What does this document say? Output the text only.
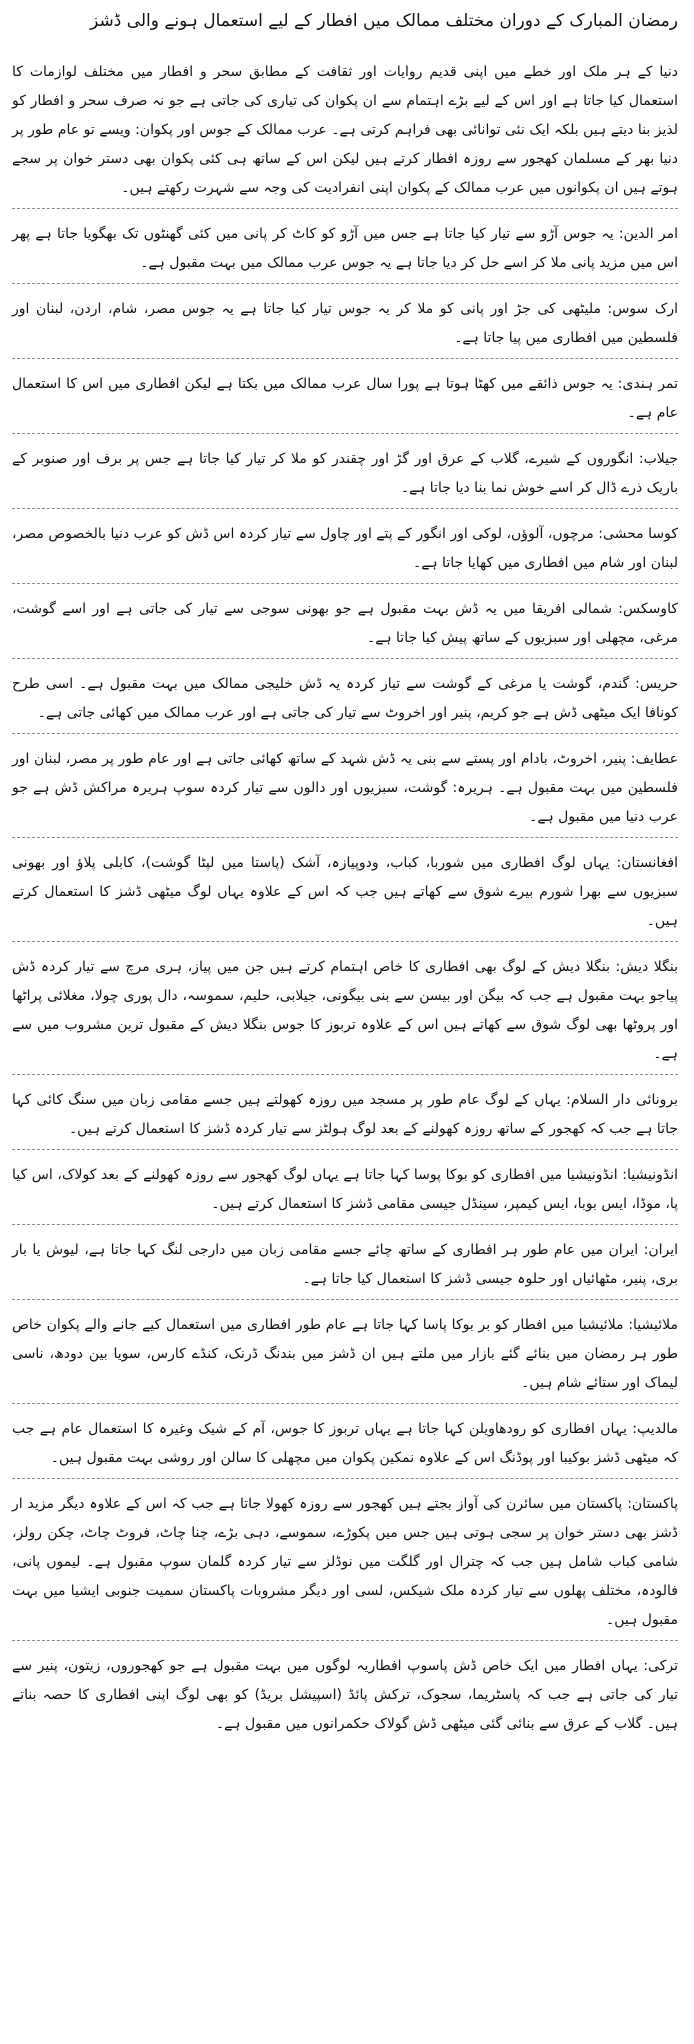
رمضان المبارک کے دوران مختلف ممالک میں افطار کے لیے استعمال ہونے والی ڈشز

دنیا کے ہر ملک اور خطے میں اپنی قدیم روایات اور ثقافت کے مطابق سحر و افطار میں مختلف لوازمات کا استعمال کیا جاتا ہے اور اس کے لیے بڑے اہتمام سے ان پکوان کی تیاری کی جاتی ہے جو نہ صرف سحر و افطار کو لذیز بنا دیتے ہیں بلکہ ایک نئی توانائی بھی فراہم کرتی ہے۔ عرب ممالک کے جوس اور پکوان: ویسے تو عام طور پر دنیا بھر کے مسلمان کھجور سے روزہ افطار کرتے ہیں لیکن اس کے ساتھ ہی کئی پکوان بھی دستر خوان پر سجے ہوتے ہیں ان پکوانوں میں عرب ممالک کے پکوان اپنی انفرادیت کی وجہ سے شہرت رکھتے ہیں۔

امر الدین: یہ جوس آڑو سے تیار کیا جاتا ہے جس میں آڑو کو کاٹ کر پانی میں کئی گھنٹوں تک بھگویا جاتا ہے پھر اس میں مزید پانی ملا کر اسے حل کر دیا جاتا ہے یہ جوس عرب ممالک میں بہت مقبول ہے۔

ارک سوس: ملیٹھی کی جڑ اور پانی کو ملا کر یہ جوس تیار کیا جاتا ہے یہ جوس مصر، شام، اردن، لبنان اور فلسطین میں افطاری میں پیا جاتا ہے۔

تمر ہندی: یہ جوس ذائقے میں کھٹا ہوتا ہے پورا سال عرب ممالک میں بکتا ہے لیکن افطاری میں اس کا استعمال عام ہے۔

جیلاب: انگوروں کے شیرے، گلاب کے عرق اور گڑ اور چقندر کو ملا کر تیار کیا جاتا ہے جس پر برف اور صنوبر کے باریک ذرے ڈال کر اسے خوش نما بنا دیا جاتا ہے۔

کوسا محشی: مرچوں، آلوؤں، لوکی اور انگور کے پتے اور چاول سے تیار کردہ اس ڈش کو عرب دنیا بالخصوص مصر، لبنان اور شام میں افطاری میں کھایا جاتا ہے۔

کاوسکس: شمالی افریقا میں یہ ڈش بہت مقبول ہے جو بھونی سوجی سے تیار کی جاتی ہے اور اسے گوشت، مرغی، مچھلی اور سبزیوں کے ساتھ پیش کیا جاتا ہے۔

حریس: گندم، گوشت یا مرغی کے گوشت سے تیار کردہ یہ ڈش خلیجی ممالک میں بہت مقبول ہے۔ اسی طرح کونافا ایک میٹھی ڈش ہے جو کریم، پنیر اور اخروٹ سے تیار کی جاتی ہے اور عرب ممالک میں کھائی جاتی ہے۔

عطایف: پنیر، اخروٹ، بادام اور پستے سے بنی یہ ڈش شہد کے ساتھ کھائی جاتی ہے اور عام طور پر مصر، لبنان اور فلسطین میں بہت مقبول ہے۔ ہریرہ: گوشت، سبزیوں اور دالوں سے تیار کردہ سوپ ہریرہ مراکش ڈش ہے جو عرب دنیا میں مقبول ہے۔

افغانستان: یہاں لوگ افطاری میں شوربا، کباب، ودوپیازہ، آشک (پاستا میں لپٹا گوشت)، کابلی پلاؤ اور بھونی سبزیوں سے بھرا شورم بیرے شوق سے کھاتے ہیں جب کہ اس کے علاوہ یہاں لوگ میٹھی ڈشز کا استعمال کرتے ہیں۔

بنگلا دیش: بنگلا دیش کے لوگ بھی افطاری کا خاص اہتمام کرتے ہیں جن میں پیاز، ہری مرچ سے تیار کردہ ڈش پیاجو بہت مقبول ہے جب کہ بیگن اور بیسن سے بنی بیگونی، جیلابی، حلیم، سموسہ، دال پوری چولا، مغلائی پراٹھا اور پروٹھا بھی لوگ شوق سے کھاتے ہیں اس کے علاوہ تربوز کا جوس بنگلا دیش کے مقبول ترین مشروب میں سے ہے۔

برونائی دار السلام: یہاں کے لوگ عام طور پر مسجد میں روزہ کھولتے ہیں جسے مقامی زبان میں سنگ کائی کہا جاتا ہے جب کہ کھجور کے ساتھ روزہ کھولنے کے بعد لوگ ہولٹز سے تیار کردہ ڈشز کا استعمال کرتے ہیں۔

انڈونیشیا: انڈونیشیا میں افطاری کو بوکا پوسا کہا جاتا ہے یہاں لوگ کھجور سے روزہ کھولنے کے بعد کولاک، اس کیا پا، موڈا، ایس بوبا، ایس کیمپر، سینڈل جیسی مقامی ڈشز کا استعمال کرتے ہیں۔

ایران: ایران میں عام طور ہر افطاری کے ساتھ چائے جسے مقامی زبان میں دارجی لنگ کہا جاتا ہے، لیوش یا بار بری، پنیر، مٹھائیاں اور حلوہ جیسی ڈشز کا استعمال کیا جاتا ہے۔

ملائیشیا: ملائیشیا میں افطار کو بر بوکا پاسا کہا جاتا ہے عام طور افطاری میں استعمال کیے جانے والے پکوان خاص طور ہر رمضان میں بنائے گئے بازار میں ملتے ہیں ان ڈشز میں بندنگ ڈرنک، کنڈے کارس، سویا بین دودھ، ناسی لیماک اور ستائے شام ہیں۔

مالدیپ: یہاں افطاری کو رودھاویلن کہا جاتا ہے یہاں تربوز کا جوس، آم کے شیک وغیرہ کا استعمال عام ہے جب کہ میٹھی ڈشز بوکیبا اور پوڈنگ اس کے علاوہ نمکین پکوان میں مچھلی کا سالن اور روشی بہت مقبول ہیں۔

پاکستان: پاکستان میں سائرن کی آواز بجتے ہیں کھجور سے روزہ کھولا جاتا ہے جب کہ اس کے علاوہ دیگر مزید ار ڈشز بھی دستر خوان پر سجی ہوتی ہیں جس میں پکوڑے، سموسے، دہی بڑے، چنا چاٹ، فروٹ چاٹ، چکن رولز، شامی کباب شامل ہیں جب کہ چترال اور گلگت میں نوڈلز سے تیار کردہ گلمان سوپ مقبول ہے۔ لیموں پانی، فالودہ، مختلف پھلوں سے تیار کردہ ملک شیکس، لسی اور دیگر مشروبات پاکستان سمیت جنوبی ایشیا میں بہت مقبول ہیں۔

ترکی: یہاں افطار میں ایک خاص ڈش پاسوپ افطاریہ لوگوں میں بہت مقبول ہے جو کھجوروں، زیتون، پنیر سے تیار کی جاتی ہے جب کہ پاسٹریما، سجوک، ترکش پائڈ (اسپیشل بریڈ) کو بھی لوگ اپنی افطاری کا حصہ بناتے ہیں۔ گلاب کے عرق سے بنائی گئی میٹھی ڈش گولاک حکمرانوں میں مقبول ہے۔
